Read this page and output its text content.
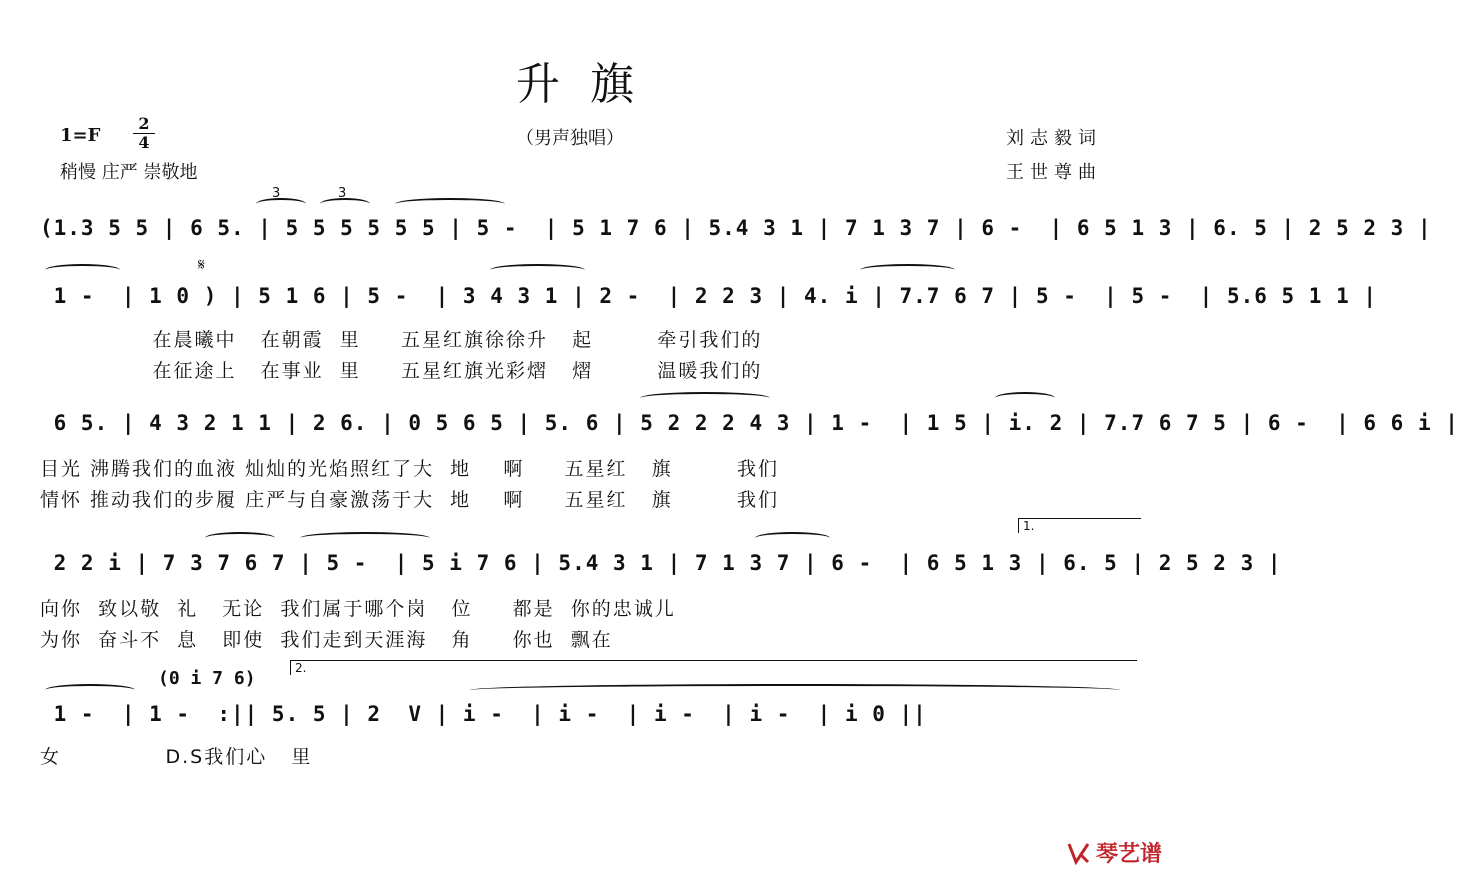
升旗
1=F
2
4	（男声独唱）
稍慢 庄严 崇敬地
刘志毅词
王世尊曲
(1.3 5 5 | 6 5. | 5 5 5 5 5 5 | 5 -  | 5 1 7 6 | 5.4 3 1 | 7 1 3 7 | 6 -  | 6 5 1 3 | 6. 5 | 2 5 2 3 |
3	3
1 -  | 1 0 ) | 5 1 6 | 5 -  | 3 4 3 1 | 2 -  | 2 2 3 | 4. i | 7.7 6 7 | 5 -  | 5 -  | 5.6 5 1 1 |
𝄋
在晨曦中   在朝霞  里     五星红旗徐徐升   起        牵引我们的
在征途上   在事业  里     五星红旗光彩熠   熠        温暖我们的
6 5. | 4 3 2 1 1 | 2 6. | 0 5 6 5 | 5. 6 | 5 2 2 2 4 3 | 1 -  | 1 5 | i. 2 | 7.7 6 7 5 | 6 -  | 6 6 i |
目光 沸腾我们的血液 灿灿的光焰照红了大  地    啊     五星红   旗        我们
情怀 推动我们的步履 庄严与自豪激荡于大  地    啊     五星红   旗        我们
2 2 i | 7 3 7 6 7 | 5 -  | 5 i 7 6 | 5.4 3 1 | 7 1 3 7 | 6 -  | 6 5 1 3 | 6. 5 | 2 5 2 3 |
1.
向你  致以敬  礼   无论  我们属于哪个岗   位     都是  你的忠诚儿
为你  奋斗不  息   即使  我们走到天涯海   角     你也  飘在
(0 i 7 6)	2.
1 -  | 1 -  :|| 5. 5 | 2  V | i -  | i -  | i -  | i -  | i 0 ||
女             D.S我们心   里
琴艺谱
